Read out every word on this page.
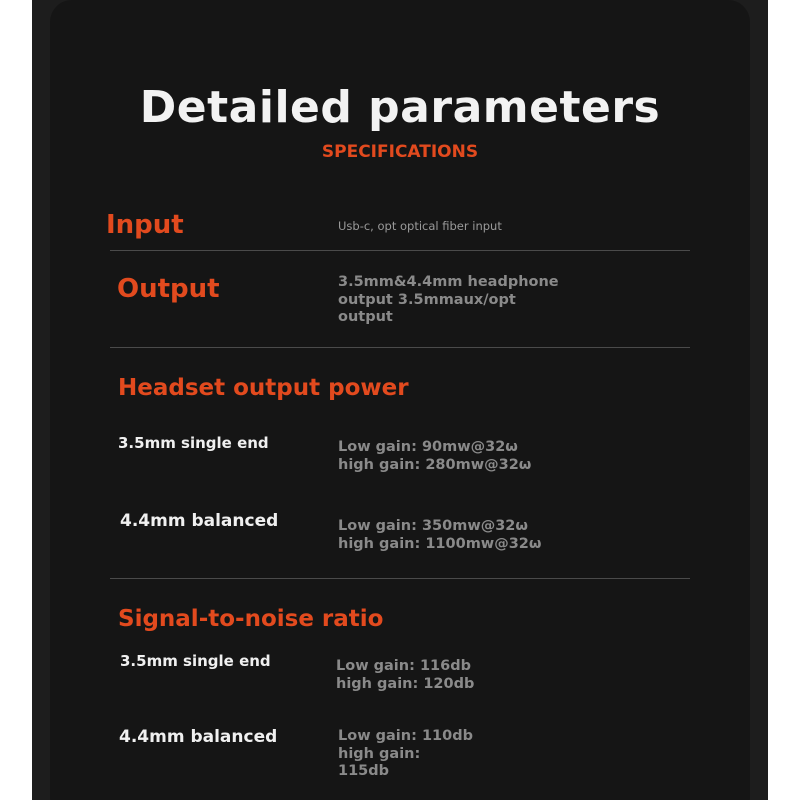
Detailed parameters
SPECIFICATIONS
Input	Usb-c, opt optical fiber input
Output	3.5mm&4.4mm headphone
output 3.5mmaux/opt
output
Headset output power
3.5mm single end	Low gain: 90mw@32ω
high gain: 280mw@32ω
4.4mm balanced	Low gain: 350mw@32ω
high gain: 1100mw@32ω
Signal-to-noise ratio
3.5mm single end	Low gain: 116db
high gain: 120db
4.4mm balanced	Low gain: 110db
high gain:
115db
